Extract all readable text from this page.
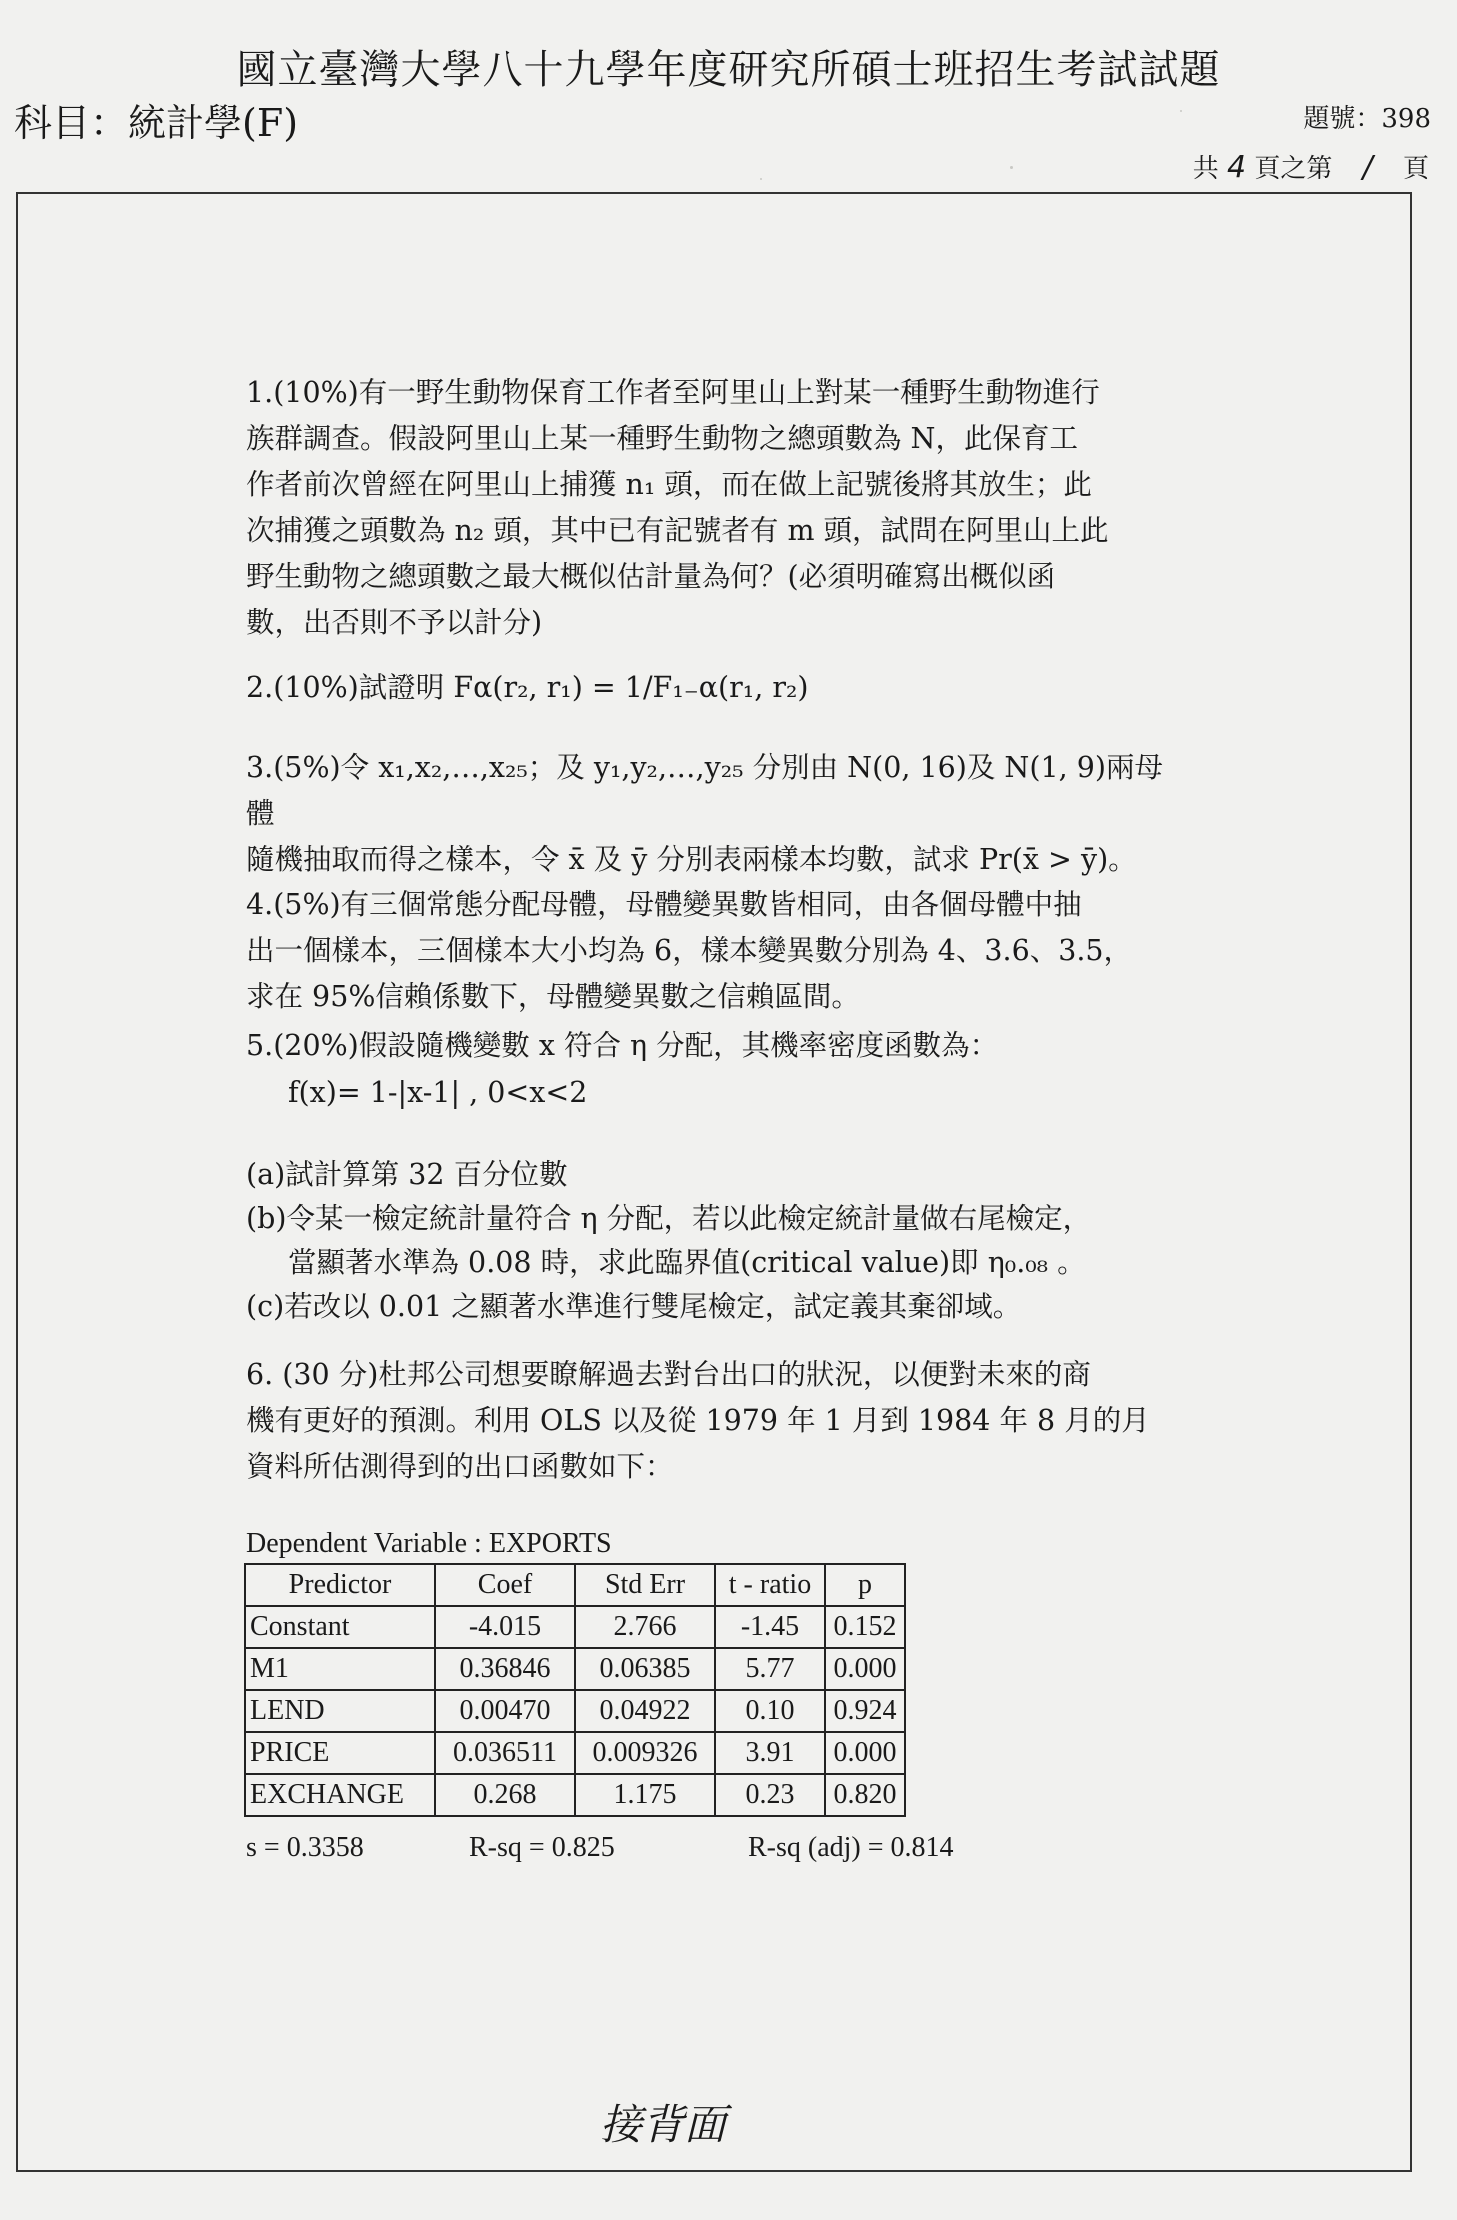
國立臺灣大學八十九學年度研究所碩士班招生考試試題
科目：統計學(F)	題號：398
共 4 頁之第 / 頁
1.(10%)有一野生動物保育工作者至阿里山上對某一種野生動物進行
族群調查。假設阿里山上某一種野生動物之總頭數為 N，此保育工
作者前次曾經在阿里山上捕獲 n₁ 頭，而在做上記號後將其放生；此
次捕獲之頭數為 n₂ 頭，其中已有記號者有 m 頭，試問在阿里山上此
野生動物之總頭數之最大概似估計量為何？(必須明確寫出概似函
數，出否則不予以計分)
2.(10%)試證明 Fα(r₂, r₁) = 1/F₁₋α(r₁, r₂)
3.(5%)令 x₁,x₂,…,x₂₅；及 y₁,y₂,…,y₂₅ 分別由 N(0, 16)及 N(1, 9)兩母體
隨機抽取而得之樣本，令 x̄ 及 ȳ 分別表兩樣本均數，試求 Pr(x̄ > ȳ)。
4.(5%)有三個常態分配母體，母體變異數皆相同，由各個母體中抽
出一個樣本，三個樣本大小均為 6，樣本變異數分別為 4、3.6、3.5，
求在 95%信賴係數下，母體變異數之信賴區間。
5.(20%)假設隨機變數 x 符合 η 分配，其機率密度函數為：
f(x)= 1-|x-1| , 0<x<2
(a)試計算第 32 百分位數
(b)令某一檢定統計量符合 η 分配，若以此檢定統計量做右尾檢定，
當顯著水準為 0.08 時，求此臨界值(critical value)即 η₀.₀₈ 。
(c)若改以 0.01 之顯著水準進行雙尾檢定，試定義其棄卻域。
6. (30 分)杜邦公司想要瞭解過去對台出口的狀況，以便對未來的商
機有更好的預測。利用 OLS 以及從 1979 年 1 月到 1984 年 8 月的月
資料所估測得到的出口函數如下：
Dependent Variable : EXPORTS
Predictor	Coef	Std Err	t - ratio	p
Constant	-4.015	2.766	-1.45	0.152
M1	0.36846	0.06385	5.77	0.000
LEND	0.00470	0.04922	0.10	0.924
PRICE	0.036511	0.009326	3.91	0.000
EXCHANGE	0.268	1.175	0.23	0.820
s = 0.3358	R-sq = 0.825	R-sq (adj) = 0.814
接背面
